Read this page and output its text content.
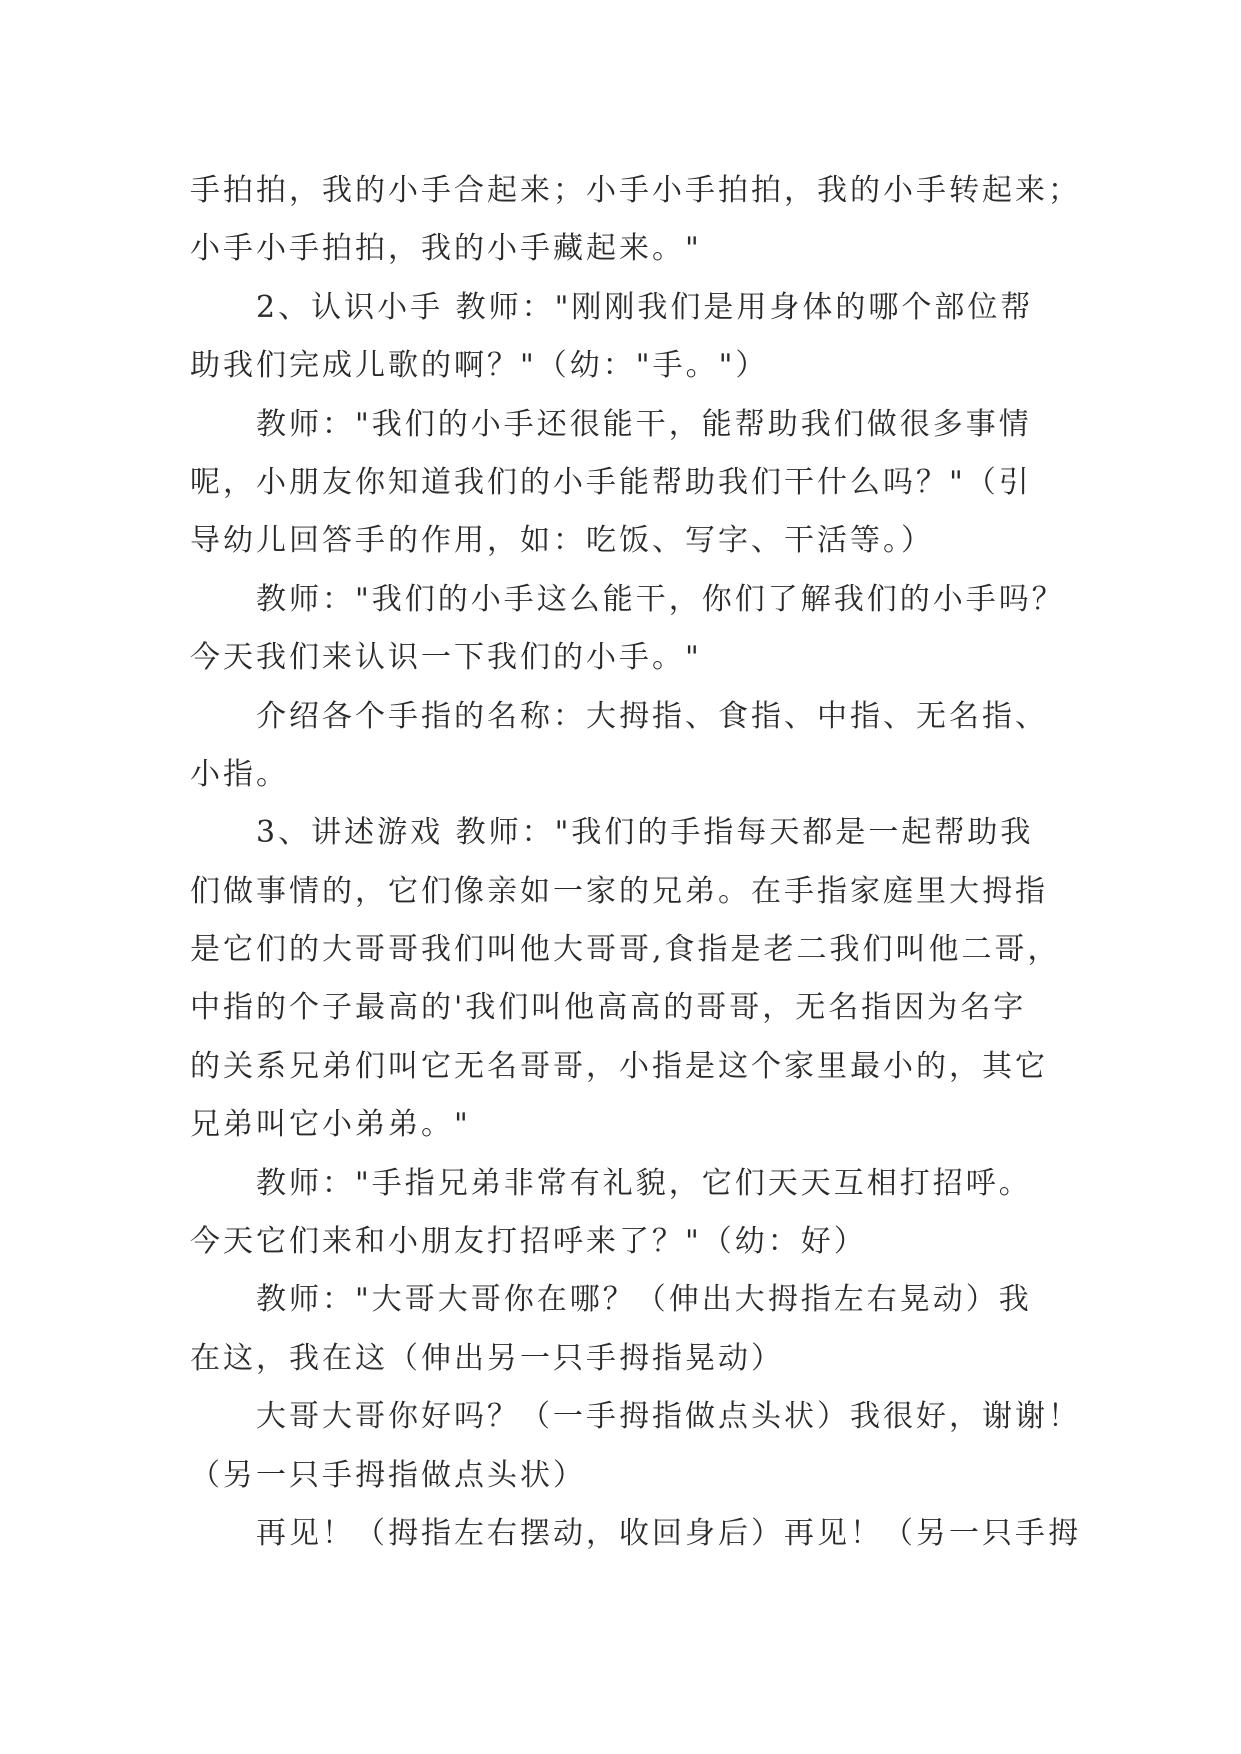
手拍拍，我的小手合起来；小手小手拍拍，我的小手转起来；
小手小手拍拍，我的小手藏起来。"
2、认识小手 教师："刚刚我们是用身体的哪个部位帮
助我们完成儿歌的啊？"（幼："手。"）
教师："我们的小手还很能干，能帮助我们做很多事情
呢，小朋友你知道我们的小手能帮助我们干什么吗？"（引
导幼儿回答手的作用，如：吃饭、写字、干活等。）
教师："我们的小手这么能干，你们了解我们的小手吗？
今天我们来认识一下我们的小手。"
介绍各个手指的名称：大拇指、食指、中指、无名指、
小指。
3、讲述游戏 教师："我们的手指每天都是一起帮助我
们做事情的，它们像亲如一家的兄弟。在手指家庭里大拇指
是它们的大哥哥我们叫他大哥哥,食指是老二我们叫他二哥，
中指的个子最高的'我们叫他高高的哥哥，无名指因为名字
的关系兄弟们叫它无名哥哥，小指是这个家里最小的，其它
兄弟叫它小弟弟。"
教师："手指兄弟非常有礼貌，它们天天互相打招呼。
今天它们来和小朋友打招呼来了？"（幼：好）
教师："大哥大哥你在哪？（伸出大拇指左右晃动）我
在这，我在这（伸出另一只手拇指晃动）
大哥大哥你好吗？（一手拇指做点头状）我很好，谢谢！
（另一只手拇指做点头状）
再见！（拇指左右摆动，收回身后）再见！（另一只手拇
